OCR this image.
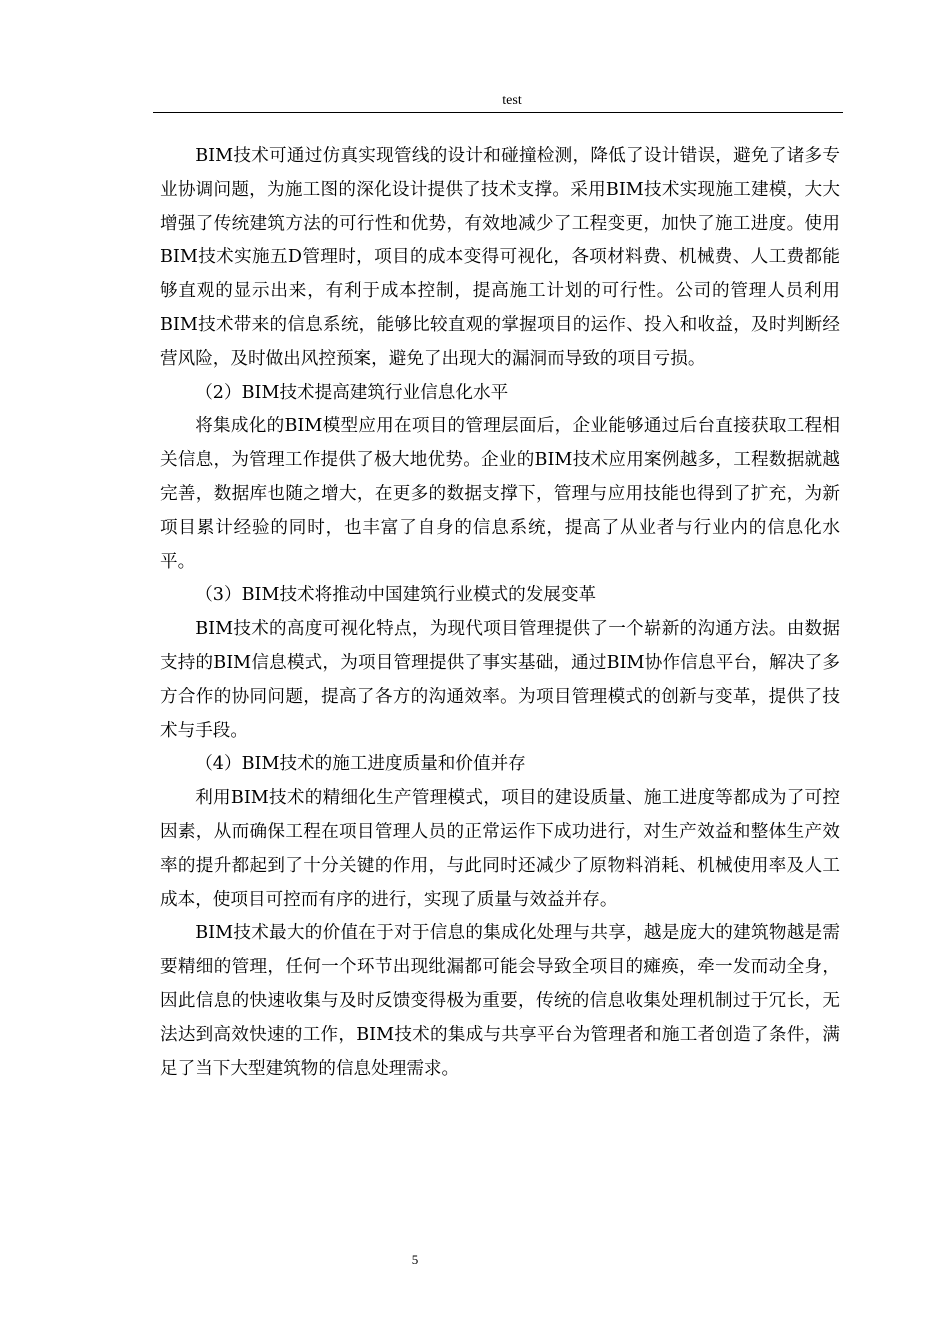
test

BIM技术可通过仿真实现管线的设计和碰撞检测，降低了设计错误，避免了诸多专业协调问题，为施工图的深化设计提供了技术支撑。采用BIM技术实现施工建模，大大增强了传统建筑方法的可行性和优势，有效地减少了工程变更，加快了施工进度。使用BIM技术实施五D管理时，项目的成本变得可视化，各项材料费、机械费、人工费都能够直观的显示出来，有利于成本控制，提高施工计划的可行性。公司的管理人员利用BIM技术带来的信息系统，能够比较直观的掌握项目的运作、投入和收益，及时判断经营风险，及时做出风控预案，避免了出现大的漏洞而导致的项目亏损。

（2）BIM技术提高建筑行业信息化水平

将集成化的BIM模型应用在项目的管理层面后，企业能够通过后台直接获取工程相关信息，为管理工作提供了极大地优势。企业的BIM技术应用案例越多，工程数据就越完善，数据库也随之增大，在更多的数据支撑下，管理与应用技能也得到了扩充，为新项目累计经验的同时，也丰富了自身的信息系统，提高了从业者与行业内的信息化水平。

（3）BIM技术将推动中国建筑行业模式的发展变革

BIM技术的高度可视化特点，为现代项目管理提供了一个崭新的沟通方法。由数据支持的BIM信息模式，为项目管理提供了事实基础，通过BIM协作信息平台，解决了多方合作的协同问题，提高了各方的沟通效率。为项目管理模式的创新与变革，提供了技术与手段。

（4）BIM技术的施工进度质量和价值并存

利用BIM技术的精细化生产管理模式，项目的建设质量、施工进度等都成为了可控因素，从而确保工程在项目管理人员的正常运作下成功进行，对生产效益和整体生产效率的提升都起到了十分关键的作用，与此同时还减少了原物料消耗、机械使用率及人工成本，使项目可控而有序的进行，实现了质量与效益并存。

BIM技术最大的价值在于对于信息的集成化处理与共享，越是庞大的建筑物越是需要精细的管理，任何一个环节出现纰漏都可能会导致全项目的瘫痪，牵一发而动全身，因此信息的快速收集与及时反馈变得极为重要，传统的信息收集处理机制过于冗长，无法达到高效快速的工作，BIM技术的集成与共享平台为管理者和施工者创造了条件，满足了当下大型建筑物的信息处理需求。

5
